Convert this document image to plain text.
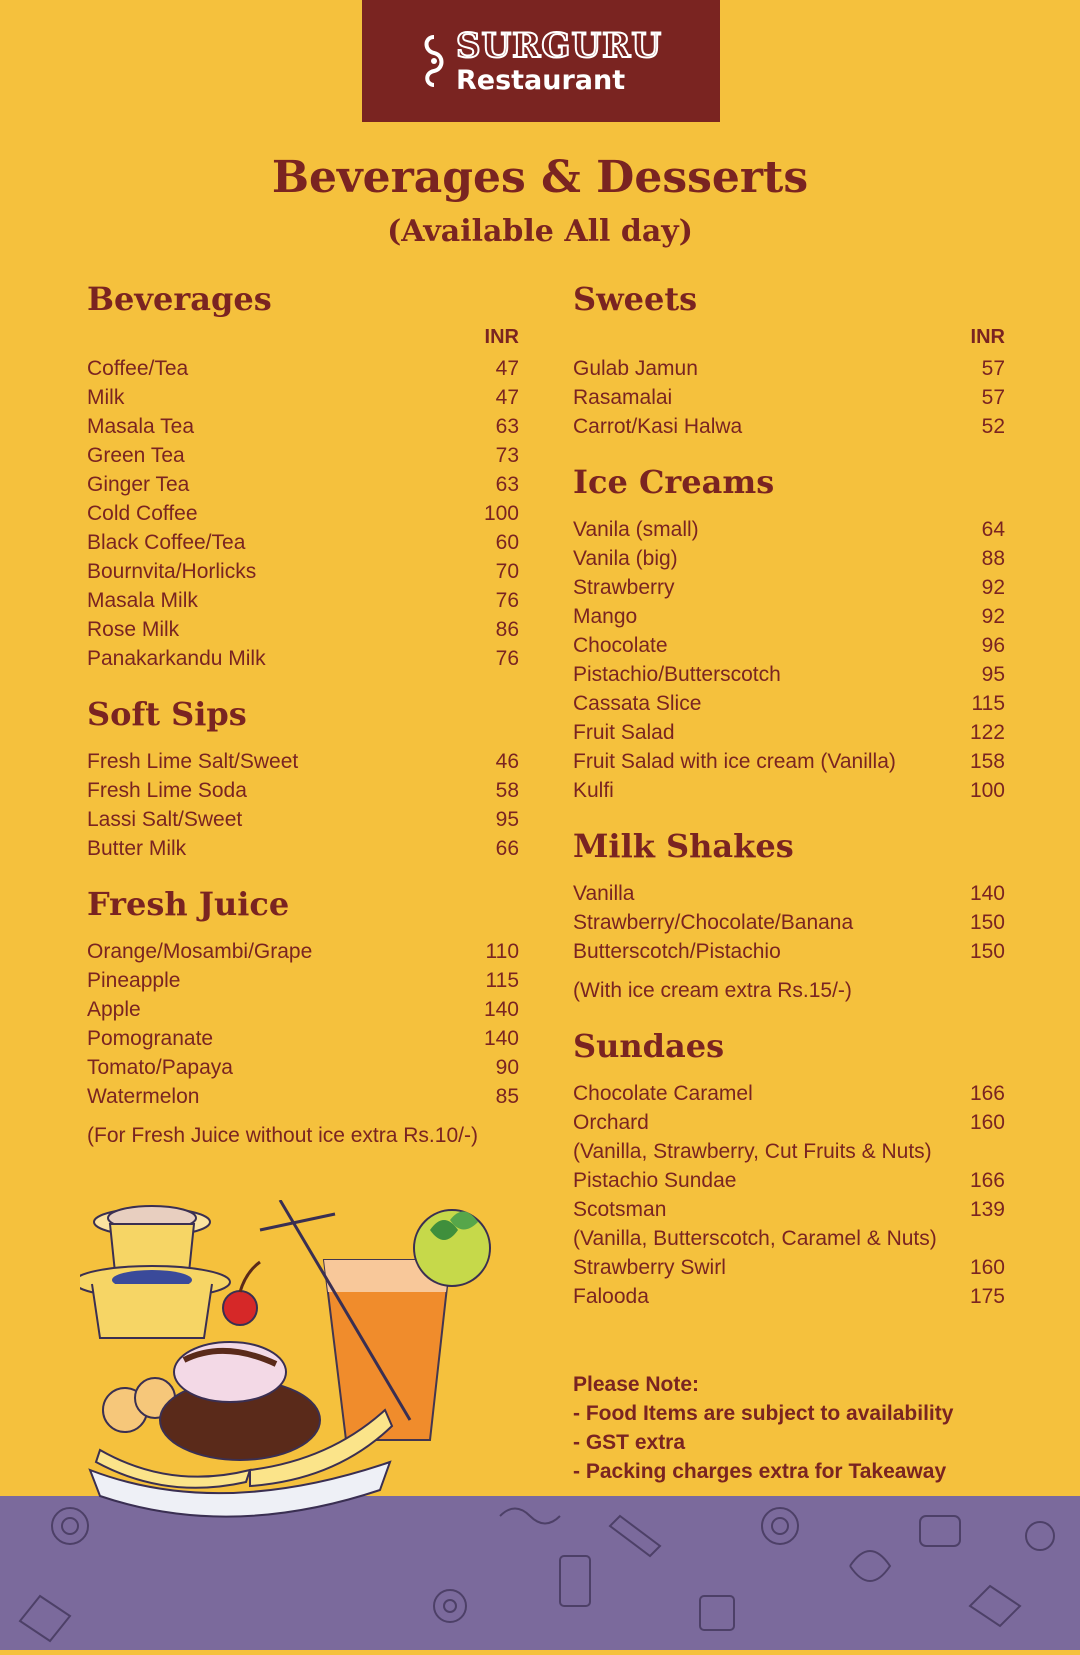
SURGURU
Restaurant
Beverages & Desserts
(Available All day)
Beverages
INR
Coffee/Tea	47
Milk	47
Masala Tea	63
Green Tea	73
Ginger Tea	63
Cold Coffee	100
Black Coffee/Tea	60
Bournvita/Horlicks	70
Masala Milk	76
Rose Milk	86
Panakarkandu Milk	76
Soft Sips
Fresh Lime Salt/Sweet	46
Fresh Lime Soda	58
Lassi Salt/Sweet	95
Butter Milk	66
Fresh Juice
Orange/Mosambi/Grape	110
Pineapple	115
Apple	140
Pomogranate	140
Tomato/Papaya	90
Watermelon	85
(For Fresh Juice without ice extra Rs.10/-)
Sweets
INR
Gulab Jamun	57
Rasamalai	57
Carrot/Kasi Halwa	52
Ice Creams
Vanila (small)	64
Vanila (big)	88
Strawberry	92
Mango	92
Chocolate	96
Pistachio/Butterscotch	95
Cassata Slice	115
Fruit Salad	122
Fruit Salad with ice cream (Vanilla)	158
Kulfi	100
Milk Shakes
Vanilla	140
Strawberry/Chocolate/Banana	150
Butterscotch/Pistachio	150
(With ice cream extra Rs.15/-)
Sundaes
Chocolate Caramel	166
Orchard	160
(Vanilla, Strawberry, Cut Fruits & Nuts)
Pistachio Sundae	166
Scotsman	139
(Vanilla, Butterscotch, Caramel & Nuts)
Strawberry Swirl	160
Falooda	175
Please Note:
- Food Items are subject to availability
- GST extra
- Packing charges extra for Takeaway
